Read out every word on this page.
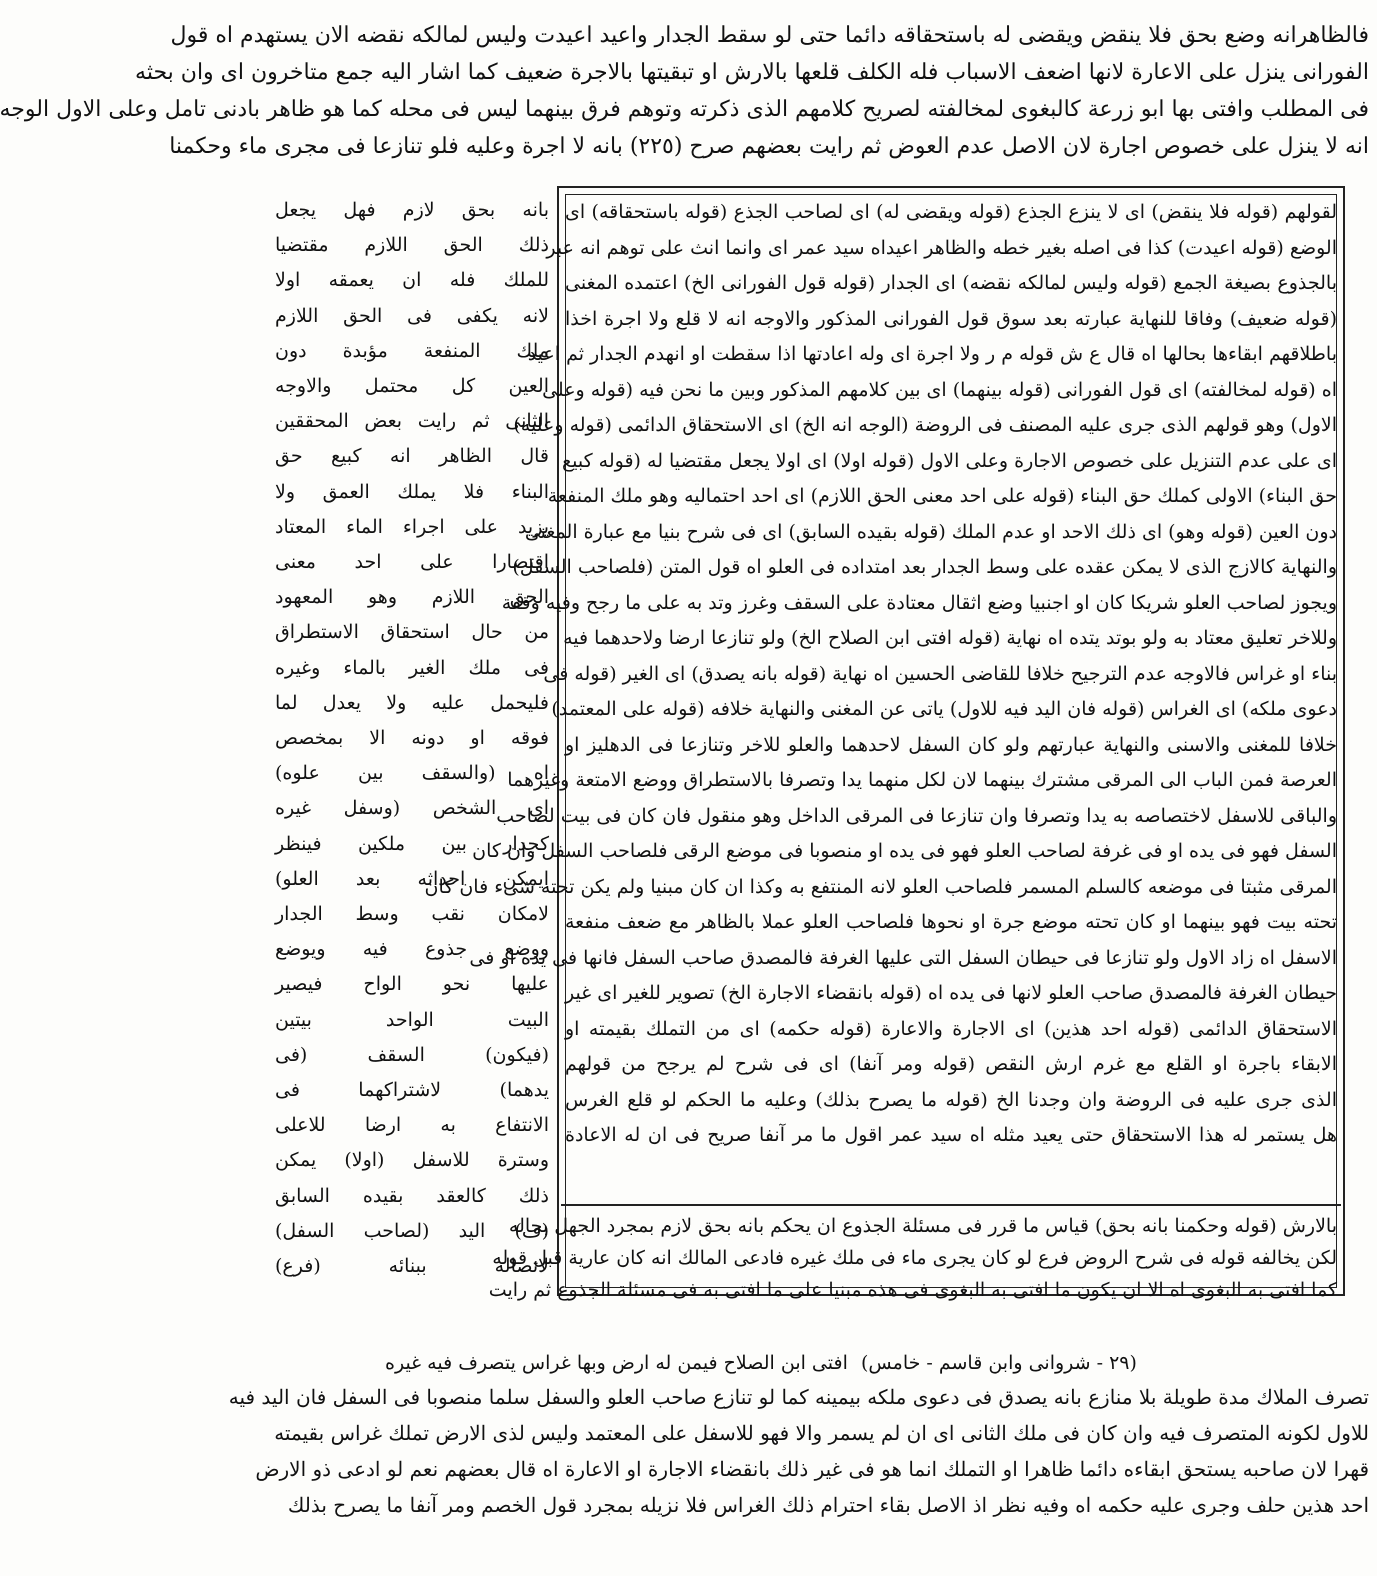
فالظاهرانه وضع بحق فلا ينقض ويقضى له باستحقاقه دائما حتى لو سقط الجدار واعيد اعيدت وليس لمالكه نقضه الان يستهدم اه قول
الفورانى ينزل على الاعارة لانها اضعف الاسباب فله الكلف قلعها بالارش او تبقيتها بالاجرة ضعيف كما اشار اليه جمع متاخرون اى وان بحثه
فى المطلب وافتى بها ابو زرعة كالبغوى لمخالفته لصريح كلامهم الذى ذكرته وتوهم فرق بينهما ليس فى محله كما هو ظاهر بادنى تامل وعلى الاول الوجه
انه لا ينزل على خصوص اجارة لان الاصل عدم العوض ثم رايت بعضهم صرح (٢٢٥) بانه لا اجرة وعليه فلو تنازعا فى مجرى ماء وحكمنا
لقولهم (قوله فلا ينقض) اى لا ينزع الجذع (قوله ويقضى له) اى لصاحب الجذع (قوله باستحقاقه) اى
الوضع (قوله اعيدت) كذا فى اصله بغير خطه والظاهر اعيداه سيد عمر اى وانما انث على توهم انه عبر
بالجذوع بصيغة الجمع (قوله وليس لمالكه نقضه) اى الجدار (قوله قول الفورانى الخ) اعتمده المغنى
(قوله ضعيف) وفاقا للنهاية عبارته بعد سوق قول الفورانى المذكور والاوجه انه لا قلع ولا اجرة اخذا
باطلاقهم ابقاءها بحالها اه قال ع ش قوله م ر ولا اجرة اى وله اعادتها اذا سقطت او انهدم الجدار ثم اعيد
اه (قوله لمخالفته) اى قول الفورانى (قوله بينهما) اى بين كلامهم المذكور وبين ما نحن فيه (قوله وعلى
الاول) وهو قولهم الذى جرى عليه المصنف فى الروضة (الوجه انه الخ) اى الاستحقاق الدائمى (قوله وعليه)
اى على عدم التنزيل على خصوص الاجارة وعلى الاول (قوله اولا) اى اولا يجعل مقتضيا له (قوله كبيع
حق البناء) الاولى كملك حق البناء (قوله على احد معنى الحق اللازم) اى احد احتماليه وهو ملك المنفعة
دون العين (قوله وهو) اى ذلك الاحد او عدم الملك (قوله بقيده السابق) اى فى شرح بنيا مع عبارة المغنى
والنهاية كالازج الذى لا يمكن عقده على وسط الجدار بعد امتداده فى العلو اه قول المتن (فلصاحب السفل)
ويجوز لصاحب العلو شريكا كان او اجنبيا وضع اثقال معتادة على السقف وغرز وتد به على ما رجح وفيه وقفة
وللاخر تعليق معتاد به ولو بوتد يتده اه نهاية (قوله افتى ابن الصلاح الخ) ولو تنازعا ارضا ولاحدهما فيه
بناء او غراس فالاوجه عدم الترجيح خلافا للقاضى الحسين اه نهاية (قوله بانه يصدق) اى الغير (قوله فى
دعوى ملكه) اى الغراس (قوله فان اليد فيه للاول) ياتى عن المغنى والنهاية خلافه (قوله على المعتمد)
خلافا للمغنى والاسنى والنهاية عبارتهم ولو كان السفل لاحدهما والعلو للاخر وتنازعا فى الدهليز او
العرصة فمن الباب الى المرقى مشترك بينهما لان لكل منهما يدا وتصرفا بالاستطراق ووضع الامتعة وغيرهما
والباقى للاسفل لاختصاصه به يدا وتصرفا وان تنازعا فى المرقى الداخل وهو منقول فان كان فى بيت لصاحب
السفل فهو فى يده او فى غرفة لصاحب العلو فهو فى يده او منصوبا فى موضع الرقى فلصاحب السفل وان كان
المرقى مثبتا فى موضعه كالسلم المسمر فلصاحب العلو لانه المنتفع به وكذا ان كان مبنيا ولم يكن تحته شىء فان كان
تحته بيت فهو بينهما او كان تحته موضع جرة او نحوها فلصاحب العلو عملا بالظاهر مع ضعف منفعة
الاسفل اه زاد الاول ولو تنازعا فى حيطان السفل التى عليها الغرفة فالمصدق صاحب السفل فانها فى يده او فى
حيطان الغرفة فالمصدق صاحب العلو لانها فى يده اه (قوله بانقضاء الاجارة الخ) تصوير للغير اى غير
الاستحقاق الدائمى (قوله احد هذين) اى الاجارة والاعارة (قوله حكمه) اى من التملك بقيمته او
الابقاء باجرة او القلع مع غرم ارش النقص (قوله ومر آنفا) اى فى شرح لم يرجح من قولهم
الذى جرى عليه فى الروضة وان وجدنا الخ (قوله ما يصرح بذلك) وعليه ما الحكم لو قلع الغرس
هل يستمر له هذا الاستحقاق حتى يعيد مثله اه سيد عمر اقول ما مر آنفا صريح فى ان له الاعادة
بالارش (قوله وحكمنا بانه بحق) قياس ما قرر فى مسئلة الجذوع ان يحكم بانه بحق لازم بمجرد الجهل بحاله
لكن يخالفه قوله فى شرح الروض فرع لو كان يجرى ماء فى ملك غيره فادعى المالك انه كان عارية قبل قوله
كما افتى به البغوى اه الا ان يكون ما افتى به البغوى فى هذه مبنيا على ما افتى به فى مسئلة الجذوع ثم رايت
بانه بحق لازم فهل يجعل
ذلك الحق اللازم مقتضيا
للملك فله ان يعمقه اولا
لانه يكفى فى الحق اللازم
ملك المنفعة مؤبدة دون
العين كل محتمل والاوجه
الثانى ثم رايت بعض المحققين
قال الظاهر انه كبيع حق
البناء فلا يملك العمق ولا
يزيد على اجراء الماء المعتاد
اقتصارا على احد معنى
الحق اللازم وهو المعهود
من حال استحقاق الاستطراق
فى ملك الغير بالماء وغيره
فليحمل عليه ولا يعدل لما
فوقه او دونه الا بمخصص
اه (والسقف بين علوه)
اى الشخص (وسفل غيره
كجدار بين ملكين فينظر
ايمكن احداثه بعد العلو)
لامكان نقب وسط الجدار
ووضع جذوع فيه ويوضع
عليها نحو الواح فيصير
البيت الواحد بيتين
(فيكون) السقف (فى
يدهما) لاشتراكهما فى
الانتفاع به ارضا للاعلى
وسترة للاسفل (اولا) يمكن
ذلك كالعقد بقيده السابق
(ف) اليد (لصاحب السفل)
لاتصاله ببنائه (فرع)
(٢٩ - شروانى وابن قاسم - خامس)
افتى ابن الصلاح فيمن له ارض وبها غراس يتصرف فيه غيره
تصرف الملاك مدة طويلة بلا منازع بانه يصدق فى دعوى ملكه بيمينه كما لو تنازع صاحب العلو والسفل سلما منصوبا فى السفل فان اليد فيه
للاول لكونه المتصرف فيه وان كان فى ملك الثانى اى ان لم يسمر والا فهو للاسفل على المعتمد وليس لذى الارض تملك غراس بقيمته
قهرا لان صاحبه يستحق ابقاءه دائما ظاهرا او التملك انما هو فى غير ذلك بانقضاء الاجارة او الاعارة اه قال بعضهم نعم لو ادعى ذو الارض
احد هذين حلف وجرى عليه حكمه اه وفيه نظر اذ الاصل بقاء احترام ذلك الغراس فلا نزيله بمجرد قول الخصم ومر آنفا ما يصرح بذلك
